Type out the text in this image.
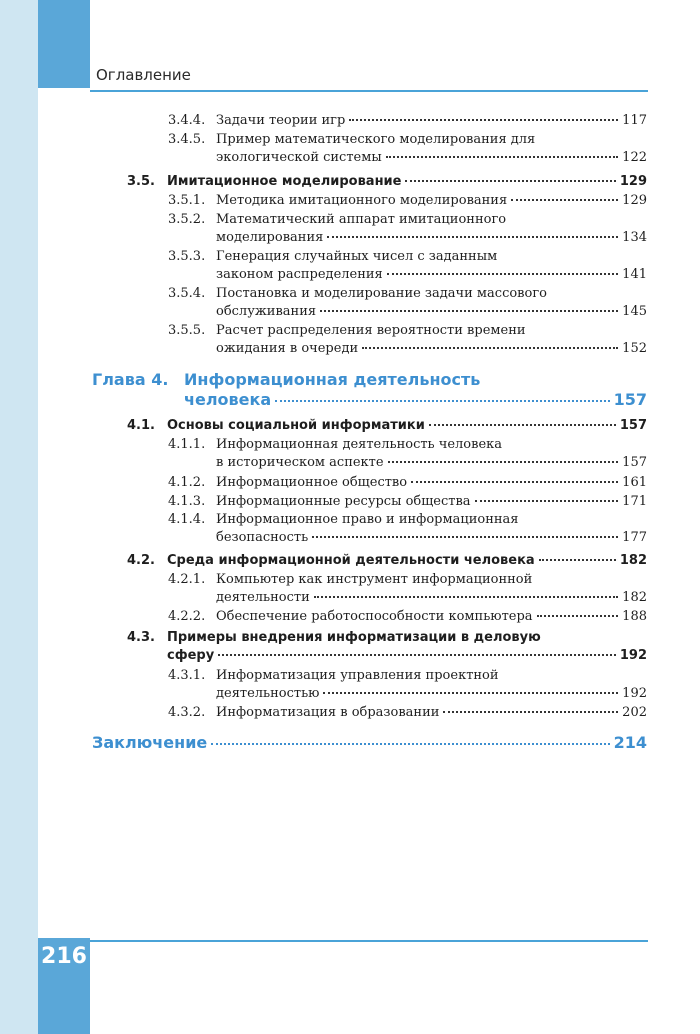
216
Оглавление
3.4.4. Задачи теории игр	117
3.4.5. Пример математического моделирования для
экологической системы	122
3.5. Имитационное моделирование	129
3.5.1. Методика имитационного моделирования	129
3.5.2. Математический аппарат имитационного
моделирования	134
3.5.3. Генерация случайных чисел с заданным
законом распределения	141
3.5.4. Постановка и моделирование задачи массового
обслуживания	145
3.5.5. Расчет распределения вероятности времени
ожидания в очереди	152
Глава 4. Информационная деятельность
человека	157
4.1. Основы социальной информатики	157
4.1.1. Информационная деятельность человека
в историческом аспекте	157
4.1.2. Информационное общество	161
4.1.3. Информационные ресурсы общества	171
4.1.4. Информационное право и информационная
безопасность	177
4.2. Среда информационной деятельности человека	182
4.2.1. Компьютер как инструмент информационной
деятельности	182
4.2.2. Обеспечение работоспособности компьютера	188
4.3. Примеры внедрения информатизации в деловую
сферу	192
4.3.1. Информатизация управления проектной
деятельностью	192
4.3.2. Информатизация в образовании	202
Заключение	214
